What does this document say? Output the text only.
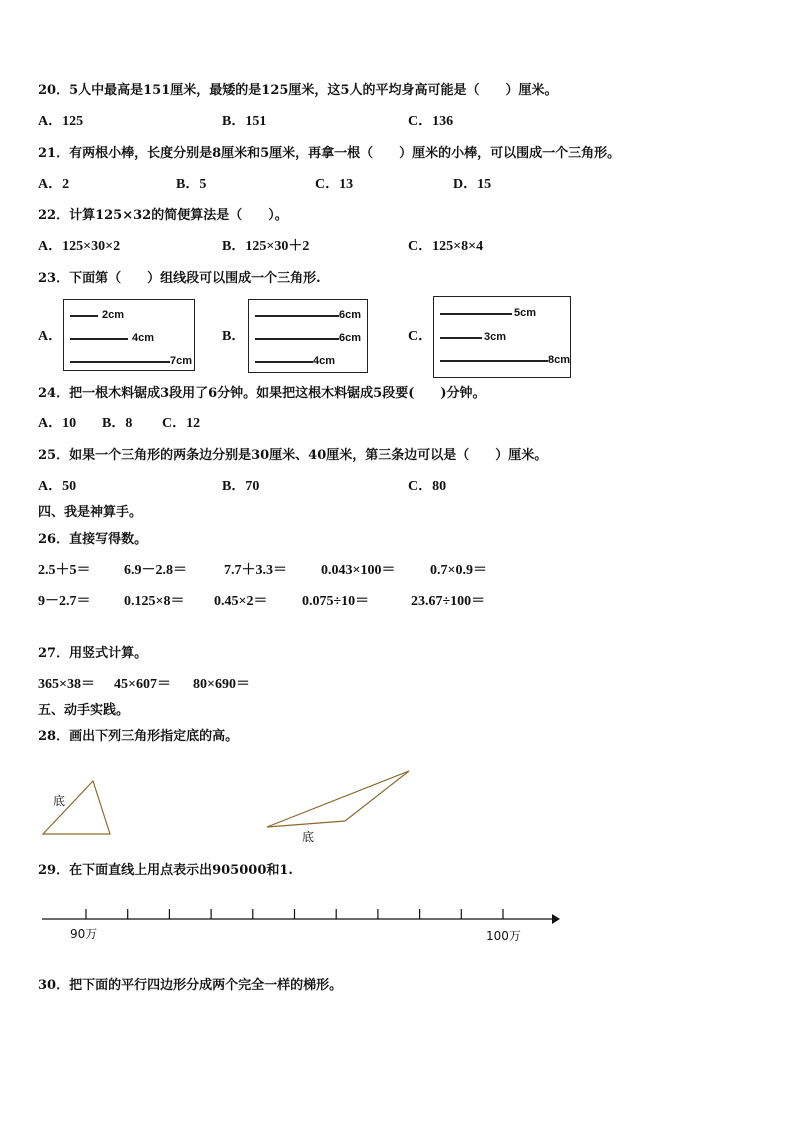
20．5人中最高是151厘米，最矮的是125厘米，这5人的平均身高可能是（　　）厘米。
A．125	B．151	C．136
21．有两根小棒，长度分别是8厘米和5厘米，再拿一根（　　）厘米的小棒，可以围成一个三角形。
A．2	B．5	C．13	D．15
22．计算125×32的简便算法是（　　）。
A．125×30×2	B．125×30＋2	C．125×8×4
23．下面第（　　）组线段可以围成一个三角形.
A．
2cm
4cm
7cm
B．
6cm
6cm
4cm
C．
5cm
3cm
8cm
24．把一根木料锯成3段用了6分钟。如果把这根木料锯成5段要(　　)分钟。
A．10 B．8 C．12
25．如果一个三角形的两条边分别是30厘米、40厘米，第三条边可以是（　　）厘米。
A．50	B．70	C．80
四、我是神算手。
26．直接写得数。
2.5＋5＝ 6.9－2.8＝	7.7＋3.3＝ 0.043×100＝ 0.7×0.9＝
9－2.7＝ 0.125×8＝ 0.45×2＝ 0.075÷10＝	23.67÷100＝
27．用竖式计算。
365×38＝ 45×607＝ 80×690＝
五、动手实践。
28．画出下列三角形指定底的高。
底
底
29．在下面直线上用点表示出905000和1.
90万	100万
30．把下面的平行四边形分成两个完全一样的梯形。
